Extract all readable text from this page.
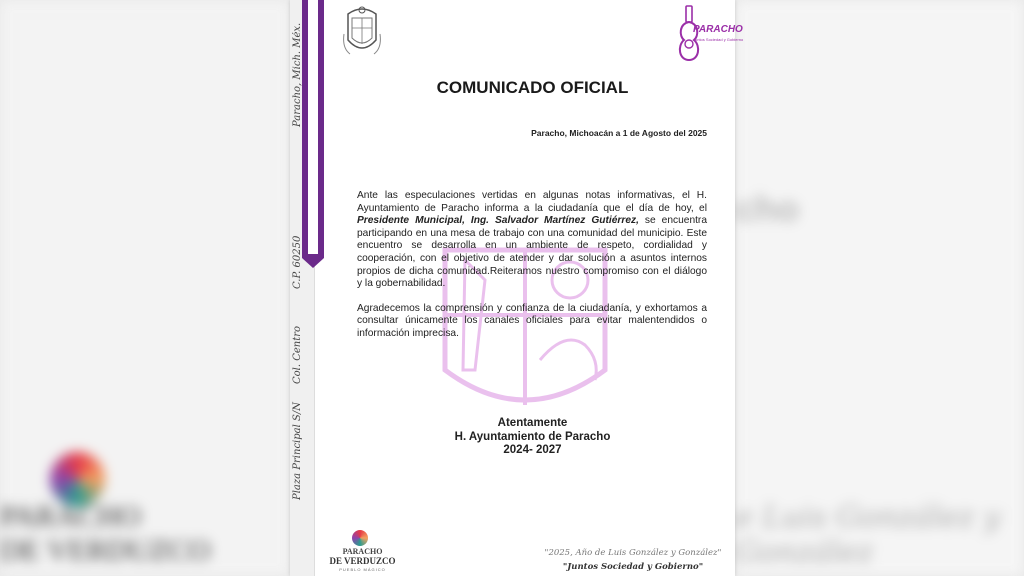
PARACHO
DE VERDUZCO
cho
e Luis González y González
Paracho, Mich. Méx.
C.P. 60250
Col. Centro
Plaza Principal S/N
PARACHO
Juntos Sociedad y Gobierno
COMUNICADO OFICIAL
Paracho, Michoacán a 1 de Agosto del 2025

Ante las especulaciones vertidas en algunas notas informativas, el H. Ayuntamiento de Paracho informa a la ciudadanía que el día de hoy, el Presidente Municipal, Ing. Salvador Martínez Gutiérrez, se encuentra participando en una mesa de trabajo con una comunidad del municipio. Este encuentro se desarrolla en un ambiente de respeto, cordialidad y cooperación, con el objetivo de atender y dar solución a asuntos internos propios de dicha comunidad.Reiteramos nuestro compromiso con el diálogo y la gobernabilidad.

Agradecemos la comprensión y confianza de la ciudadanía, y exhortamos a consultar únicamente los canales oficiales para evitar malentendidos o información imprecisa.

Atentamente
H. Ayuntamiento de Paracho
2024- 2027
PARACHO
DE VERDUZCO
PUEBLO MÁGICO
"2025, Año de Luis González y González"
"Juntos Sociedad y Gobierno"
